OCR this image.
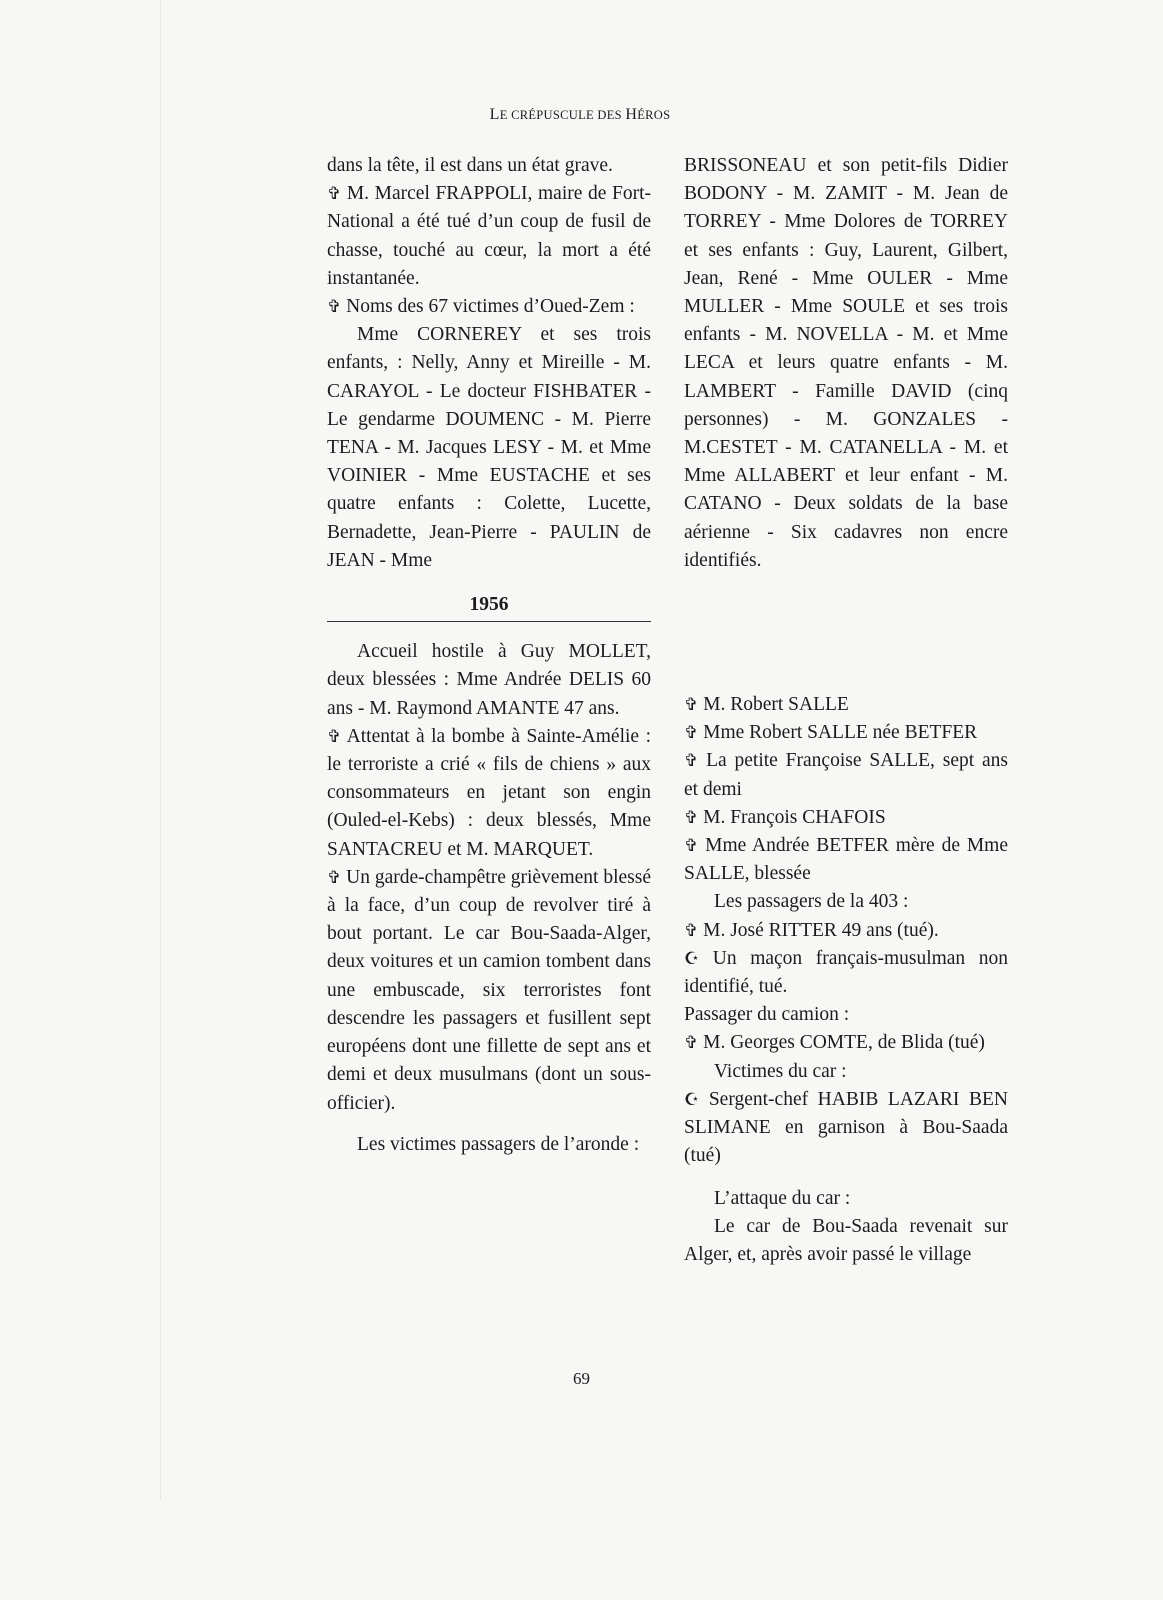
LE CRÉPUSCULE DES HÉROS

dans la tête, il est dans un état grave.

✞ M. Marcel FRAPPOLI, maire de Fort-National a été tué d’un coup de fusil de chasse, touché au cœur, la mort a été instantanée.

✞ Noms des 67 victimes d’Oued-Zem :

Mme CORNEREY et ses trois enfants, : Nelly, Anny et Mireille - M. CARAYOL - Le docteur FISHBATER - Le gendarme DOUMENC - M. Pierre TENA - M. Jacques LESY - M. et Mme VOINIER - Mme EUSTACHE et ses quatre enfants : Colette, Lucette, Bernadette, Jean-Pierre - PAULIN de JEAN - Mme

1956

Accueil hostile à Guy MOLLET, deux blessées : Mme Andrée DELIS 60 ans - M. Raymond AMANTE 47 ans.

✞ Attentat à la bombe à Sainte-Amélie : le terroriste a crié « fils de chiens » aux consommateurs en jetant son engin (Ouled-el-Kebs) : deux blessés, Mme SANTACREU et M. MARQUET.

✞ Un garde-champêtre grièvement blessé à la face, d’un coup de revolver tiré à bout portant. Le car Bou-Saada-Alger, deux voitures et un camion tombent dans une embuscade, six terroristes font descendre les passagers et fusillent sept européens dont une fillette de sept ans et demi et deux musulmans (dont un sous-officier).

Les victimes passagers de l’aronde :

BRISSONEAU et son petit-fils Didier BODONY - M. ZAMIT - M. Jean de TORREY - Mme Dolores de TORREY et ses enfants : Guy, Laurent, Gilbert, Jean, René - Mme OULER - Mme MULLER - Mme SOULE et ses trois enfants - M. NOVELLA - M. et Mme LECA et leurs quatre enfants - M. LAMBERT - Famille DAVID (cinq personnes) - M. GONZALES - M.CESTET - M. CATANELLA - M. et Mme ALLABERT et leur enfant - M. CATANO - Deux soldats de la base aérienne - Six cadavres non encre identifiés.

✞ M. Robert SALLE

✞ Mme Robert SALLE née BETFER

✞ La petite Françoise SALLE, sept ans et demi

✞ M. François CHAFOIS

✞ Mme Andrée BETFER mère de Mme SALLE, blessée

Les passagers de la 403 :

✞ M. José RITTER 49 ans (tué).

☪ Un maçon français-musulman non identifié, tué.

Passager du camion :

✞ M. Georges COMTE, de Blida (tué)

Victimes du car :

☪ Sergent-chef HABIB LAZARI BEN SLIMANE en garnison à Bou-Saada (tué)

L’attaque du car :

Le car de Bou-Saada revenait sur Alger, et, après avoir passé le village

69
